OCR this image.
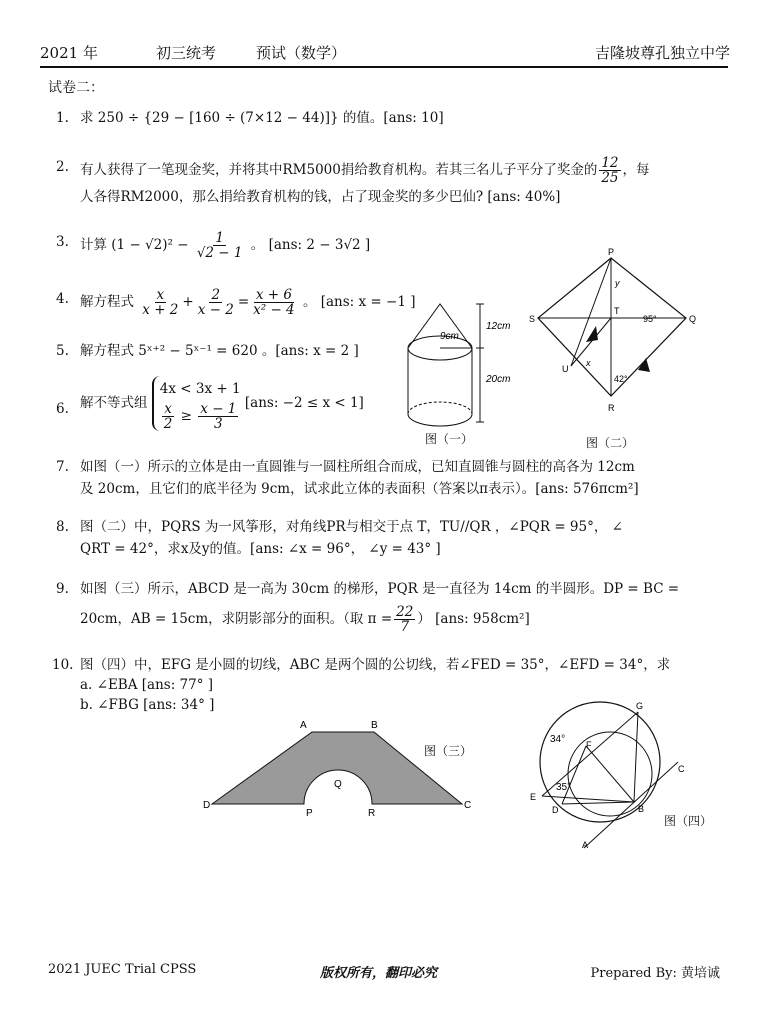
2021 年	初三统考	预试（数学）	吉隆坡尊孔独立中学
试卷二：
1. 求 250 ÷ {29 − [160 ÷ (7×12 − 44)]} 的值。[ans: 10]
2. 有人获得了一笔现金奖，并将其中RM5000捐给教育机构。若其三名儿子平分了奖金的 $\frac{12}{25}$ ，每
人各得RM2000，那么捐给教育机构的钱，占了现金奖的多少巴仙? [ans: 40%]
3. 计算 $(1 - √2)^2 - \frac{1}{√2 - 1}$ 。 [ans: 2 − 3√2 ]
4. 解方程式 $\frac{x}{x + 2} + \frac{2}{x - 2} = \frac{x + 6}{\text{x² − 4}}$ 。 [ans: x = −1 ]
5. 解方程式 5ˣ⁺² − 5ˣ⁻¹ = 620 。[ans: x = 2 ]
6. 解不等式组
4x < 3x + 1
$\frac{x}{2} \ge \frac{x - 1}{3} [ans$: −2 ≤ x < 1]
7. 如图（一）所示的立体是由一直圆锥与一圆柱所组合而成，已知直圆锥与圆柱的高各为 12cm
及 20cm，且它们的底半径为 9cm，试求此立体的表面积（答案以π表示）。[ans: 576πcm²]
8. 图（二）中，PQRS 为一风筝形，对角线PR与相交于点 T，TU//QR ，∠PQR = 95°， ∠
QRT = 42°，求x及y的值。[ans: ∠x = 96°， ∠y = 43° ]
9. 如图（三）所示，ABCD 是一高为 30cm 的梯形，PQR 是一直径为 14cm 的半圆形。DP = BC =
20cm，AB = 15cm，求阴影部分的面积。（取 $\pi = \frac{22}{7}$ ） [ans: 958cm²]
10. 图（四）中，EFG 是小圆的切线，ABC 是两个圆的公切线，若∠FED = 35°，∠EFD = 34°，求
a. ∠EBA [ans: 77° ]
b. ∠FBG [ans: 34° ]
9cm
12cm
20cm
图（一）
P
S	Q
R
T
U
y
x
95°
42°
图（二）
A	B
D	C
P
Q
R
图（三）
G
F
E
D	B
C
A
34°
35°
图（四）
2021 JUEC Trial CPSS	版权所有，翻印必究	Prepared By: 黄培诚
